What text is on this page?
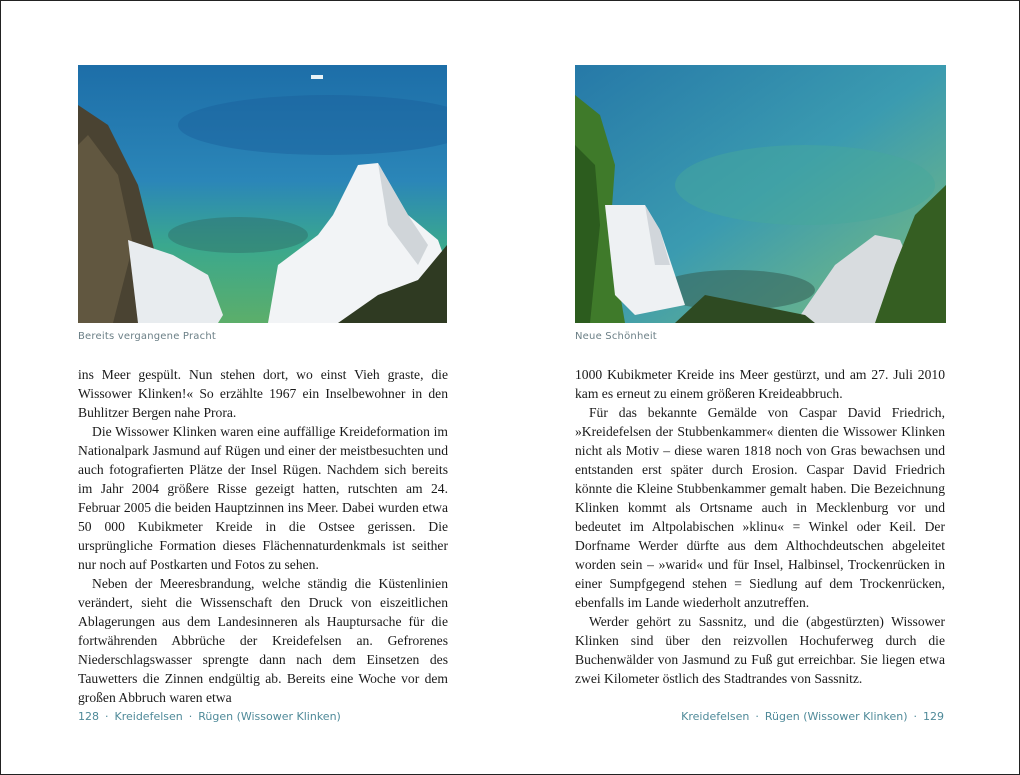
Bereits vergangene Pracht

ins Meer gespült. Nun stehen dort, wo einst Vieh graste, die Wissower Klinken!« So erzählte 1967 ein Inselbewohner in den Buhlitzer Bergen nahe Prora.

Die Wissower Klinken waren eine auffällige Kreideformation im Nationalpark Jasmund auf Rügen und einer der meistbesuchten und auch fotografierten Plätze der Insel Rügen. Nachdem sich bereits im Jahr 2004 größere Risse gezeigt hatten, rutschten am 24. Februar 2005 die beiden Hauptzinnen ins Meer. Dabei wurden etwa 50 000 Kubikmeter Kreide in die Ostsee gerissen. Die ursprüngliche Formation dieses Flächennaturdenkmals ist seither nur noch auf Postkarten und Fotos zu sehen.

Neben der Meeresbrandung, welche ständig die Küstenlinien verändert, sieht die Wissenschaft den Druck von eiszeitlichen Ablagerungen aus dem Landesinneren als Hauptursache für die fortwährenden Abbrüche der Kreidefelsen an. Gefrorenes Niederschlagswasser sprengte dann nach dem Einsetzen des Tauwetters die Zinnen endgültig ab. Bereits eine Woche vor dem großen Abbruch waren etwa

Neue Schönheit

1000 Kubikmeter Kreide ins Meer gestürzt, und am 27. Juli 2010 kam es erneut zu einem größeren Kreideabbruch.

Für das bekannte Gemälde von Caspar David Friedrich, »Kreidefelsen der Stubbenkammer« dienten die Wissower Klinken nicht als Motiv – diese waren 1818 noch von Gras bewachsen und entstanden erst später durch Erosion. Caspar David Friedrich könnte die Kleine Stubbenkammer gemalt haben. Die Bezeichnung Klinken kommt als Ortsname auch in Mecklenburg vor und bedeutet im Altpolabischen »klinu« = Winkel oder Keil. Der Dorfname Werder dürfte aus dem Althochdeutschen abgeleitet worden sein – »warid« und für Insel, Halbinsel, Trockenrücken in einer Sumpfgegend stehen = Siedlung auf dem Trockenrücken, ebenfalls im Lande wiederholt anzutreffen.

Werder gehört zu Sassnitz, und die (abgestürzten) Wissower Klinken sind über den reizvollen Hochuferweg durch die Buchenwälder von Jasmund zu Fuß gut erreichbar. Sie liegen etwa zwei Kilometer östlich des Stadtrandes von Sassnitz.

128 · Kreidefelsen · Rügen (Wissower Klinken)	Kreidefelsen · Rügen (Wissower Klinken) · 129
